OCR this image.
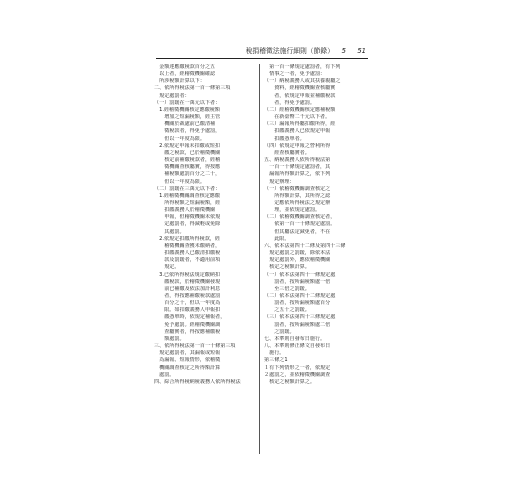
稅捐稽徵法施行細則（節錄） 5 51
　金額達應繳稅款百分之五
　以上者，經稽徵機關確認
　所涉稅額計算以下：
二、依所得稅法第一百一條第三項
　規定處罰者：
（一）罰鍰在一萬元以下者：
　1.經稽徵機關核定應繳稅額
　　增加之短漏稅額，經主管
　　機關於裁處前已繳清補
　　徵稅款者，得免予處罰，
　　但以一年度為限。
　2.依規定申報未扣繳或短扣
　　繳之稅款，已於稽徵機關
　　核定前補繳稅款者，經稽
　　徵機關查核屬實，得按應
　　補稅額處罰百分之二十，
　　但以一年度為限。
（二）罰鍰在三萬元以下者：
　1.經稽徵機關調查核定應繳
　　所得稅額之短漏稅額，經
　　扣繳義務人於稽徵機關
　　申報，但稽徵機關未依規
　　定處罰者，得減輕或免除
　　其處罰。
　2.依規定扣繳所得稅款，經
　　稽徵機關查獲未繳納者，
　　扣繳義務人已繳清扣繳稅
　　款及罰鍰者，不適用前項
　　規定。
　3.已依所得稅法規定繳納扣
　　繳稅款，於稽徵機關發現
　　前已補繳及依法加計利息
　　者，得按應補繳稅款處罰
　　百分之十，但以一年度為
　　限。如扣繳義務人申報扣
　　繳憑單時，依規定補報者，
　　免予處罰。經稽徵機關調
　　查屬實者，得按應補繳稅
　　額處罰。
三、依所得稅法第一百一十條第三項
　規定處罰者，其漏報或短報
　為漏報、短報情形，依稽徵
　機關調查核定之所得額計算
　處罰。
四、綜合所得稅納稅義務人依所得稅法
　第一百一條規定處罰者，有下列
　情事之一者，免予處罰：
（一）納稅義務人或其扶養親屬之
　　資料，經稽徵機關查核屬實
　　者，依規定申報並補繳稅款
　　者，得免予處罰。
（二）經稽徵機關核定應補稅額
　　在新臺幣二千元以下者。
（三）漏報所得屬扣繳所得，經
　　扣繳義務人已依規定申報
　　扣繳憑單者。
（四）依規定申報之營利所得
　　經查核屬實者。
五、納稅義務人依所得稅法第
　一百一十條規定處罰者，其
　漏報所得額計算之，依下列
　規定辦理：
（一）依稽徵機關調查核定之
　　所得額計算，其所得之認
　　定應依所得稅法之規定辦
　　理，並依規定處罰。
（二）依稽徵機關調查核定者，
　　依第一百一十條規定處罰。
　　但其屬法定減免者，不在
　　此限。
六、依本法第四十二條及第四十三條
　規定處罰之罰鍰，除依本法
　規定處罰外，應依稽徵機關
　核定之稅額計算。
（一）依本法第四十一條規定處
　　罰者，按所漏稅額處一倍
　　至三倍之罰鍰。
（二）依本法第四十二條規定處
　　罰者，按所漏稅額處百分
　　之五十之罰鍰。
（三）依本法第四十三條規定處
　　罰者，按所漏稅額處二倍
　　之罰鍰。
七、本準則自發布日施行。
八、本準則修正條文自發布日
　施行。
第三條之1
１有下列情形之一者，依規定
２處罰之，並依稽徵機關調查
　核定之稅額計算之。
